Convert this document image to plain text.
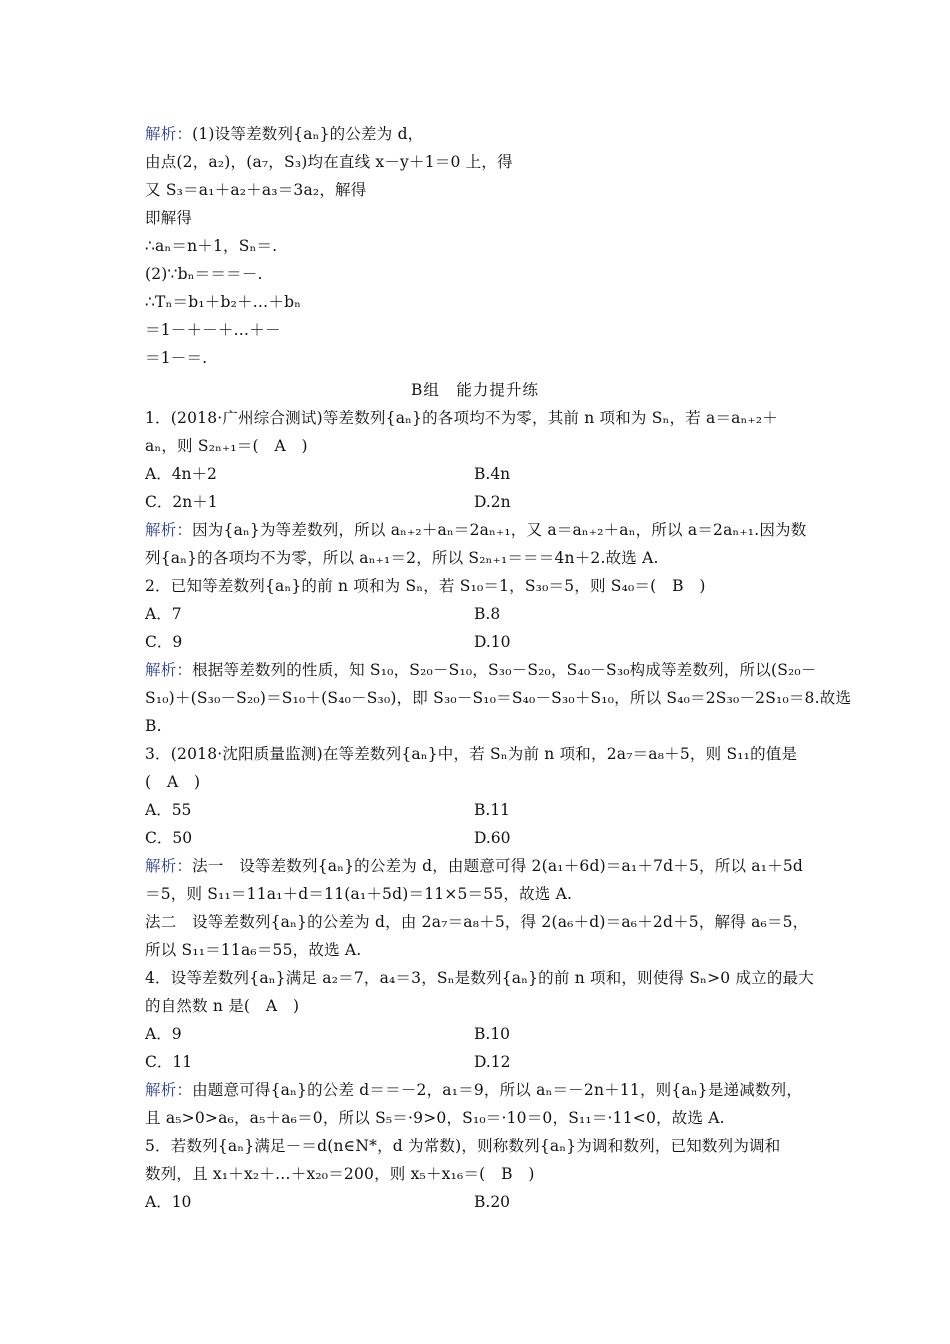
解析：(1)设等差数列{aₙ}的公差为 d，
由点(2，a₂)，(a₇，S₃)均在直线 x－y＋1＝0 上，得
又 S₃＝a₁＋a₂＋a₃＝3a₂，解得
即解得
∴aₙ＝n＋1，Sₙ＝.
(2)∵bₙ＝＝＝－.
∴Tₙ＝b₁＋b₂＋…＋bₙ
＝1－＋－＋…＋－
＝1－＝.
1．(2018·广州综合测试)等差数列{aₙ}的各项均不为零，其前 n 项和为 Sₙ，若 a＝aₙ₊₂＋
aₙ，则 S₂ₙ₊₁＝(　A　)
解析：因为{aₙ}为等差数列，所以 aₙ₊₂＋aₙ＝2aₙ₊₁，又 a＝aₙ₊₂＋aₙ，所以 a＝2aₙ₊₁.因为数
列{aₙ}的各项均不为零，所以 aₙ₊₁＝2，所以 S₂ₙ₊₁＝＝＝4n＋2.故选 A.
2．已知等差数列{aₙ}的前 n 项和为 Sₙ，若 S₁₀＝1，S₃₀＝5，则 S₄₀＝(　B　)
解析：根据等差数列的性质，知 S₁₀，S₂₀－S₁₀，S₃₀－S₂₀，S₄₀－S₃₀构成等差数列，所以(S₂₀－
S₁₀)＋(S₃₀－S₂₀)＝S₁₀＋(S₄₀－S₃₀)，即 S₃₀－S₁₀＝S₄₀－S₃₀＋S₁₀，所以 S₄₀＝2S₃₀－2S₁₀＝8.故选
B.
3．(2018·沈阳质量监测)在等差数列{aₙ}中，若 Sₙ为前 n 项和，2a₇＝a₈＋5，则 S₁₁的值是
(　A　)
解析：法一　设等差数列{aₙ}的公差为 d，由题意可得 2(a₁＋6d)＝a₁＋7d＋5，所以 a₁＋5d
＝5，则 S₁₁＝11a₁＋d＝11(a₁＋5d)＝11×5＝55，故选 A.
法二　设等差数列{aₙ}的公差为 d，由 2a₇＝a₈＋5，得 2(a₆＋d)＝a₆＋2d＋5，解得 a₆＝5，
所以 S₁₁＝11a₆＝55，故选 A.
4．设等差数列{aₙ}满足 a₂＝7，a₄＝3，Sₙ是数列{aₙ}的前 n 项和，则使得 Sₙ>0 成立的最大
的自然数 n 是(　A　)
解析：由题意可得{aₙ}的公差 d＝＝－2，a₁＝9，所以 aₙ＝－2n＋11，则{aₙ}是递减数列，
且 a₅>0>a₆，a₅＋a₆＝0，所以 S₅＝·9>0，S₁₀＝·10＝0，S₁₁＝·11<0，故选 A.
5．若数列{aₙ}满足－＝d(n∈N*，d 为常数)，则称数列{aₙ}为调和数列，已知数列为调和
数列，且 x₁＋x₂＋…＋x₂₀＝200，则 x₅＋x₁₆＝(　B　)
B组　能力提升练
A．4n＋2	B.4n
C．2n＋1	D.2n
A．7	B.8
C．9	D.10
A．55	B.11
C．50	D.60
A．9	B.10
C．11	D.12
A．10	B.20
